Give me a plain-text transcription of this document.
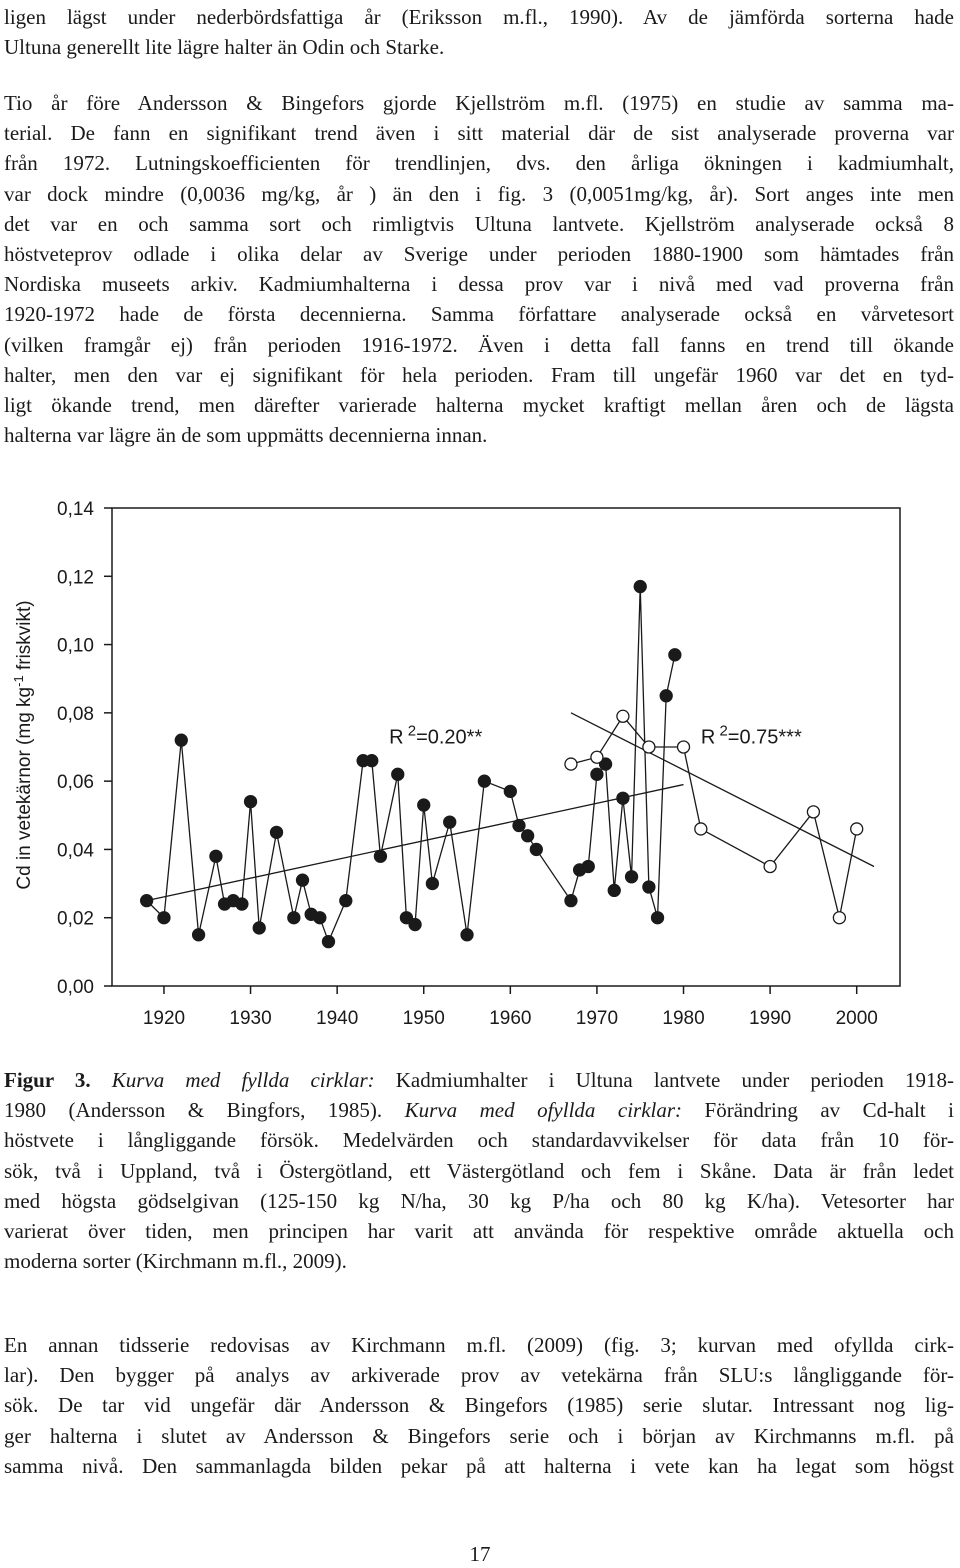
ligen lägst under nederbördsfattiga år (Eriksson m.fl., 1990). Av de jämförda sorterna hade
Ultuna generellt lite lägre halter än Odin och Starke.
Tio år före Andersson & Bingefors gjorde Kjellström m.fl. (1975) en studie av samma ma-
terial. De fann en signifikant trend även i sitt material där de sist analyserade proverna var
från 1972. Lutningskoefficienten för trendlinjen, dvs. den årliga ökningen i kadmiumhalt,
var dock mindre (0,0036 mg/kg, år ) än den i fig. 3 (0,0051mg/kg, år). Sort anges inte men
det var en och samma sort och rimligtvis Ultuna lantvete. Kjellström analyserade också 8
höstveteprov odlade i olika delar av Sverige under perioden 1880-1900 som hämtades från
Nordiska museets arkiv. Kadmiumhalterna i dessa prov var i nivå med vad proverna från
1920-1972 hade de första decennierna. Samma författare analyserade också en vårvetesort
(vilken framgår ej) från perioden 1916-1972. Även i detta fall fanns en trend till ökande
halter, men den var ej signifikant för hela perioden. Fram till ungefär 1960 var det en tyd-
ligt ökande trend, men därefter varierade halterna mycket kraftigt mellan åren och de lägsta
halterna var lägre än de som uppmätts decennierna innan.
0,00
0,02
0,04
0,06
0,08
0,10
0,12
0,14
1920 1930 1940 1950 1960 1970 1980 1990 2000
Cd in vetekärnor (mg $kg^{-1}$ friskvikt)
R $^2$=0.20**	R $^2$=0.75***
Figur 3. Kurva med fyllda cirklar: Kadmiumhalter i Ultuna lantvete under perioden 1918-
1980 (Andersson & Bingfors, 1985). Kurva med ofyllda cirklar: Förändring av Cd-halt i
höstvete i långliggande försök. Medelvärden och standardavvikelser för data från 10 för-
sök, två i Uppland, två i Östergötland, ett Västergötland och fem i Skåne. Data är från ledet
med högsta gödselgivan (125-150 kg N/ha, 30 kg P/ha och 80 kg K/ha). Vetesorter har
varierat över tiden, men principen har varit att använda för respektive område aktuella och
moderna sorter (Kirchmann m.fl., 2009).
En annan tidsserie redovisas av Kirchmann m.fl. (2009) (fig. 3; kurvan med ofyllda cirk-
lar). Den bygger på analys av arkiverade prov av vetekärna från SLU:s långliggande för-
sök. De tar vid ungefär där Andersson & Bingefors (1985) serie slutar. Intressant nog lig-
ger halterna i slutet av Andersson & Bingefors serie och i början av Kirchmanns m.fl. på
samma nivå. Den sammanlagda bilden pekar på att halterna i vete kan ha legat som högst
17
